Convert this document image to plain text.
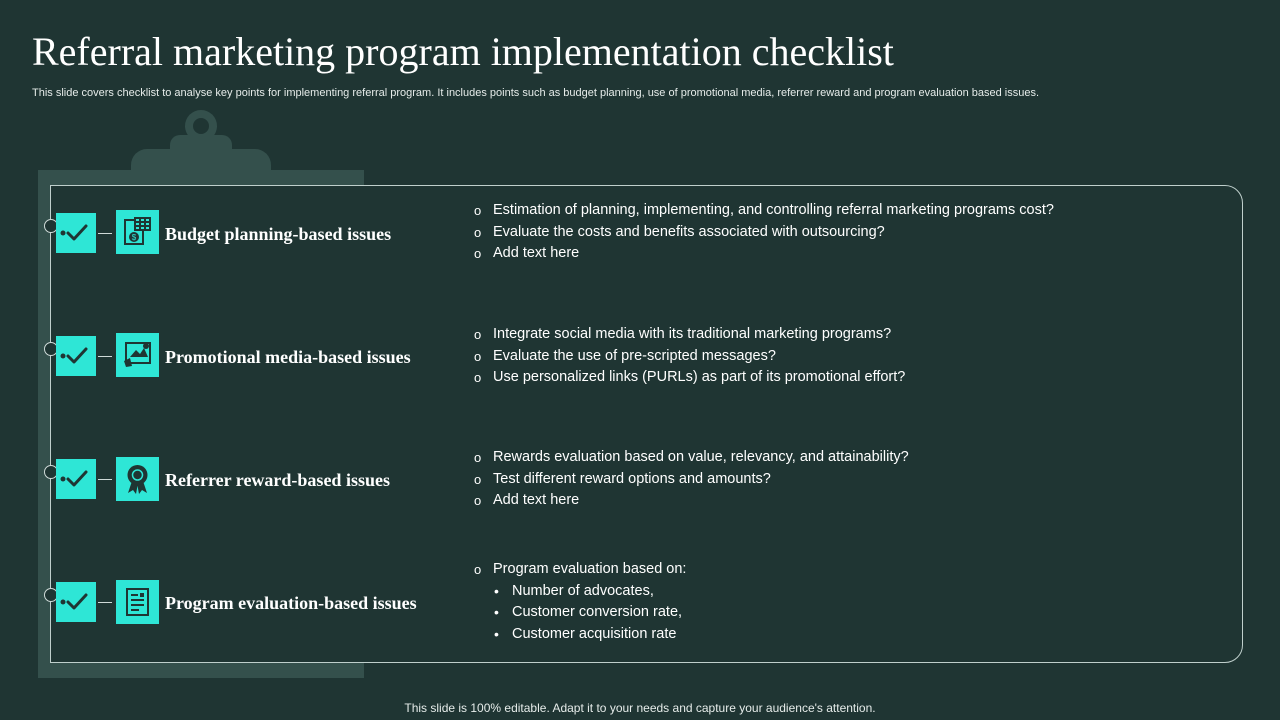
Referral marketing program implementation checklist

This slide covers checklist to analyse key points for implementing referral program. It includes points such as budget planning, use of promotional media, referrer reward and program evaluation based issues.

$ Budget planning-based issues
o Estimation of planning, implementing, and controlling referral marketing programs cost?
o Evaluate the costs and benefits associated with outsourcing?
o Add text here
Promotional media-based issues
o Integrate social media with its traditional marketing programs?
o Evaluate the use of pre-scripted messages?
o Use personalized links (PURLs) as part of its promotional effort?
Referrer reward-based issues
o Rewards evaluation based on value, relevancy, and attainability?
o Test different reward options and amounts?
o Add text here
Program evaluation-based issues
o Program evaluation based on:
• Number of advocates,
• Customer conversion rate,
• Customer acquisition rate

This slide is 100% editable. Adapt it to your needs and capture your audience's attention.
